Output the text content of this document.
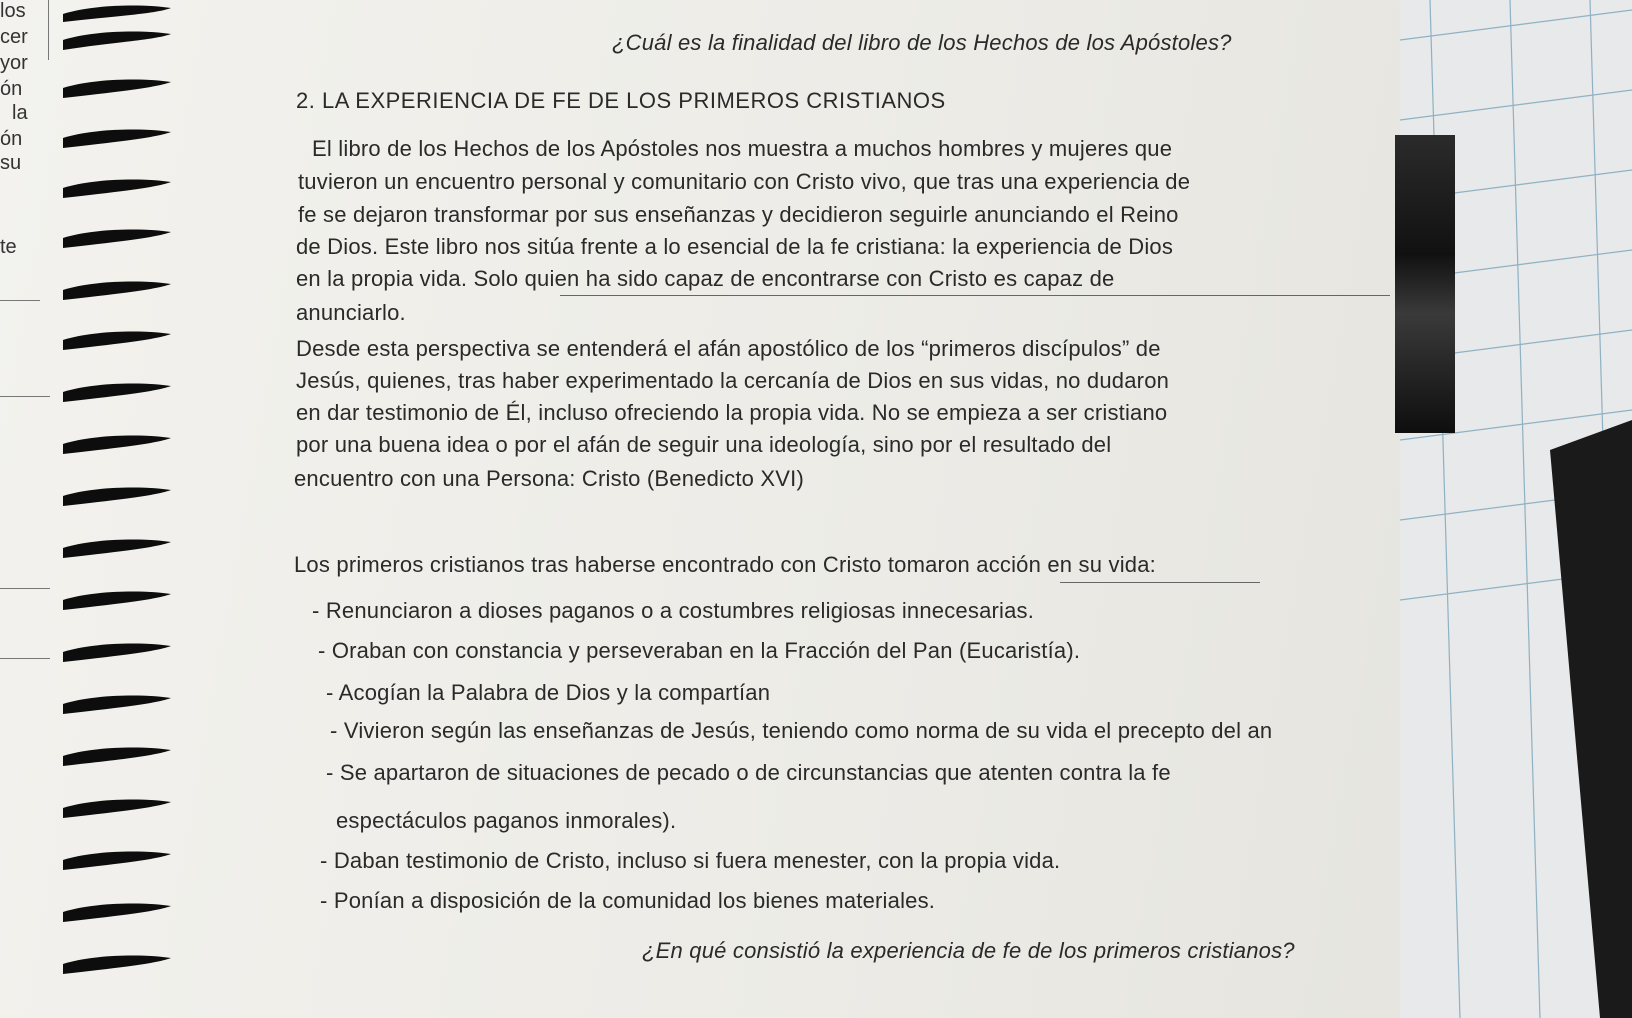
los
cer
yor
ón
la
ón
su
te
¿Cuál es la finalidad del libro de los Hechos de los Apóstoles?
2. LA EXPERIENCIA DE FE DE LOS PRIMEROS CRISTIANOS
El libro de los Hechos de los Apóstoles nos muestra a muchos hombres y mujeres que
tuvieron un encuentro personal y comunitario con Cristo vivo, que tras una experiencia de
fe se dejaron transformar por sus enseñanzas y decidieron seguirle anunciando el Reino
de Dios. Este libro nos sitúa frente a lo esencial de la fe cristiana: la experiencia de Dios
en la propia vida. Solo quien ha sido capaz de encontrarse con Cristo es capaz de
anunciarlo.
Desde esta perspectiva se entenderá el afán apostólico de los “primeros discípulos” de
Jesús, quienes, tras haber experimentado la cercanía de Dios en sus vidas, no dudaron
en dar testimonio de Él, incluso ofreciendo la propia vida. No se empieza a ser cristiano
por una buena idea o por el afán de seguir una ideología, sino por el resultado del
encuentro con una Persona: Cristo (Benedicto XVI)
Los primeros cristianos tras haberse encontrado con Cristo tomaron acción en su vida:
- Renunciaron a dioses paganos o a costumbres religiosas innecesarias.
- Oraban con constancia y perseveraban en la Fracción del Pan (Eucaristía).
- Acogían la Palabra de Dios y la compartían
- Vivieron según las enseñanzas de Jesús, teniendo como norma de su vida el precepto del an
- Se apartaron de situaciones de pecado o de circunstancias que atenten contra la fe
espectáculos paganos inmorales).
- Daban testimonio de Cristo, incluso si fuera menester, con la propia vida.
- Ponían a disposición de la comunidad los bienes materiales.
¿En qué consistió la experiencia de fe de los primeros cristianos?
